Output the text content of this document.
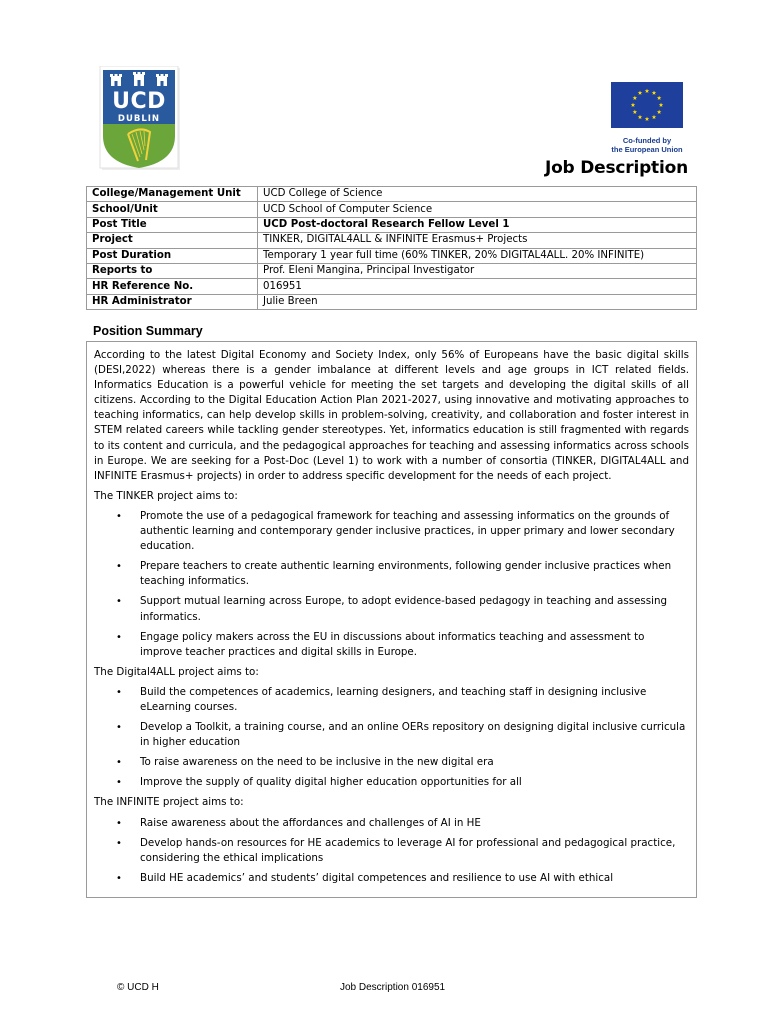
UCD
DUBLIN
Co-funded by
the European Union
Job Description
College/Management Unit	UCD College of Science
School/Unit	UCD School of Computer Science
Post Title	UCD Post-doctoral Research Fellow Level 1
Project	TINKER, DIGITAL4ALL & INFINITE Erasmus+ Projects
Post Duration	Temporary 1 year full time (60% TINKER, 20% DIGITAL4ALL. 20% INFINITE)
Reports to	Prof. Eleni Mangina, Principal Investigator
HR Reference No.	016951
HR Administrator	Julie Breen
Position Summary

According to the latest Digital Economy and Society Index, only 56% of Europeans have the basic digital skills (DESI,2022) whereas there is a gender imbalance at different levels and age groups in ICT related fields. Informatics Education is a powerful vehicle for meeting the set targets and developing the digital skills of all citizens. According to the Digital Education Action Plan 2021-2027, using innovative and motivating approaches to teaching informatics, can help develop skills in problem-solving, creativity, and collaboration and foster interest in STEM related careers while tackling gender stereotypes. Yet, informatics education is still fragmented with regards to its content and curricula, and the pedagogical approaches for teaching and assessing informatics across schools in Europe. We are seeking for a Post-Doc (Level 1) to work with a number of consortia (TINKER, DIGITAL4ALL and INFINITE Erasmus+ projects) in order to address specific development for the needs of each project.

The TINKER project aims to:

• Promote the use of a pedagogical framework for teaching and assessing informatics on the grounds of authentic learning and contemporary gender inclusive practices, in upper primary and lower secondary education.
• Prepare teachers to create authentic learning environments, following gender inclusive practices when teaching informatics.
• Support mutual learning across Europe, to adopt evidence-based pedagogy in teaching and assessing informatics.
• Engage policy makers across the EU in discussions about informatics teaching and assessment to improve teacher practices and digital skills in Europe.

The Digital4ALL project aims to:

• Build the competences of academics, learning designers, and teaching staff in designing inclusive eLearning courses.
• Develop a Toolkit, a training course, and an online OERs repository on designing digital inclusive curricula in higher education
• To raise awareness on the need to be inclusive in the new digital era
• Improve the supply of quality digital higher education opportunities for all

The INFINITE project aims to:

• Raise awareness about the affordances and challenges of AI in HE
• Develop hands-on resources for HE academics to leverage AI for professional and pedagogical practice, considering the ethical implications
• Build HE academics’ and students’ digital competences and resilience to use AI with ethical
© UCD H	Job Description 016951
